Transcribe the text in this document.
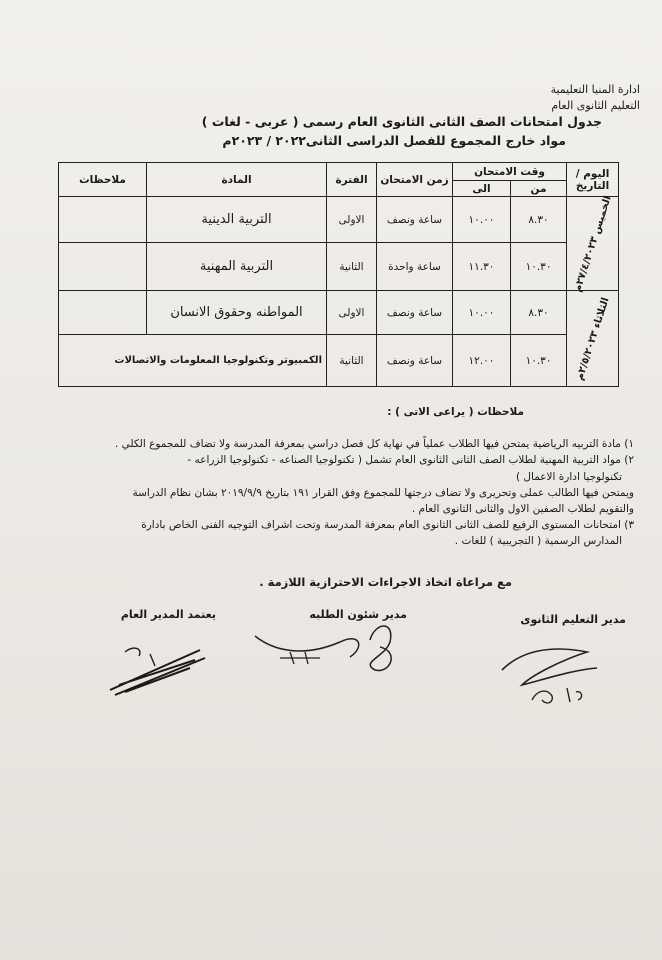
ادارة المنيا التعليمية
التعليم الثانوى العام
جدول امتحانات الصف الثانى الثانوى العام رسمى ( عربى - لغات )
مواد خارج المجموع للفصل الدراسى الثانى٢٠٢٢ / ٢٠٢٣م
اليوم /التاريخ	وقت الامتحان		زمن الامتحان	الفترة	المادة	ملاحظات
	من	الى				

الخميس ٢٧/٤/٢٠٢٣م	٨.٣٠	١٠.٠٠	ساعة ونصف	الاولى	التربية الدينية	
	١٠.٣٠	١١.٣٠	ساعة واحدة	الثانية	التربية المهنية	

الثلاثاء ٢/٥/٢٠٢٣م	٨.٣٠	١٠.٠٠	ساعة ونصف	الاولى	المواطنه وحقوق الانسان	
	١٠.٣٠	١٢.٠٠	ساعة ونصف	الثانية	الكمبيوتر وتكنولوجيا المعلومات والاتصالات	

ملاحظات ( يراعى الاتى ) :

١) مادة التربيه الرياضية يمتحن فيها الطلاب عملياً في نهاية كل فصل دراسي بمعرفة المدرسة ولا تضاف للمجموع الكلي .

٢) مواد التربية المهنية لطلاب الصف الثانى الثانوى العام تشمل ( تكنولوجيا الصناعه - تكنولوجيا الزراعه -

تكنولوجيا ادارة الاعمال )

ويمتحن فيها الطالب عملى وتحريرى ولا تضاف درجتها للمجموع وفق القرار ١٩١ بتاريخ ٢٠١٩/٩/٩ بشان نظام الدراسة

والتقويم لطلاب الصفين الاول والثانى الثانوى العام .

٣) امتحانات المستوى الرفيع للصف الثانى الثانوى العام بمعرفة المدرسة وتحت اشراف التوجيه الفنى الخاص بادارة

المدارس الرسمية ( التجريبية ) للغات .

مع مراعاة اتخاذ الاجراءات الاحترازية اللازمة .
مدير التعليم الثانوى
مدير شئون الطلبه
يعتمد المدير العام
